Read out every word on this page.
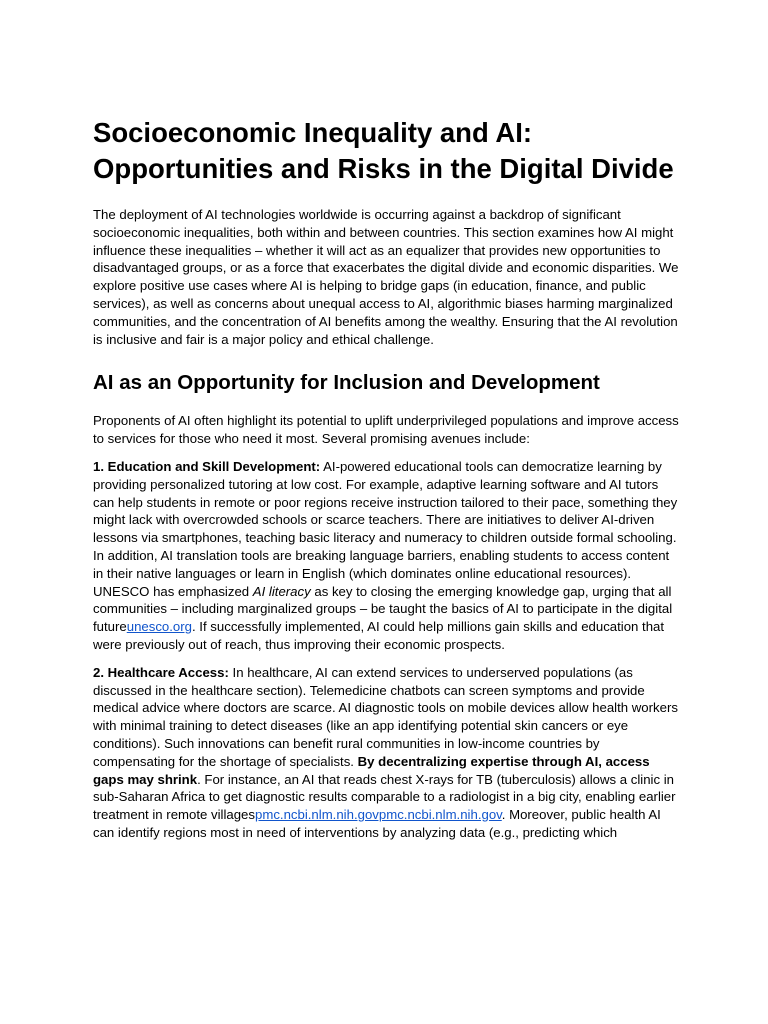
Socioeconomic Inequality and AI: Opportunities and Risks in the Digital Divide

The deployment of AI technologies worldwide is occurring against a backdrop of significant socioeconomic inequalities, both within and between countries. This section examines how AI might influence these inequalities – whether it will act as an equalizer that provides new opportunities to disadvantaged groups, or as a force that exacerbates the digital divide and economic disparities. We explore positive use cases where AI is helping to bridge gaps (in education, finance, and public services), as well as concerns about unequal access to AI, algorithmic biases harming marginalized communities, and the concentration of AI benefits among the wealthy. Ensuring that the AI revolution is inclusive and fair is a major policy and ethical challenge.

AI as an Opportunity for Inclusion and Development

Proponents of AI often highlight its potential to uplift underprivileged populations and improve access to services for those who need it most. Several promising avenues include:

1. Education and Skill Development: AI-powered educational tools can democratize learning by providing personalized tutoring at low cost. For example, adaptive learning software and AI tutors can help students in remote or poor regions receive instruction tailored to their pace, something they might lack with overcrowded schools or scarce teachers. There are initiatives to deliver AI-driven lessons via smartphones, teaching basic literacy and numeracy to children outside formal schooling. In addition, AI translation tools are breaking language barriers, enabling students to access content in their native languages or learn in English (which dominates online educational resources). UNESCO has emphasized AI literacy as key to closing the emerging knowledge gap, urging that all communities – including marginalized groups – be taught the basics of AI to participate in the digital futureunesco.org. If successfully implemented, AI could help millions gain skills and education that were previously out of reach, thus improving their economic prospects.

2. Healthcare Access: In healthcare, AI can extend services to underserved populations (as discussed in the healthcare section). Telemedicine chatbots can screen symptoms and provide medical advice where doctors are scarce. AI diagnostic tools on mobile devices allow health workers with minimal training to detect diseases (like an app identifying potential skin cancers or eye conditions). Such innovations can benefit rural communities in low-income countries by compensating for the shortage of specialists. By decentralizing expertise through AI, access gaps may shrink. For instance, an AI that reads chest X-rays for TB (tuberculosis) allows a clinic in sub-Saharan Africa to get diagnostic results comparable to a radiologist in a big city, enabling earlier treatment in remote villagespmc.ncbi.nlm.nih.govpmc.ncbi.nlm.nih.gov. Moreover, public health AI can identify regions most in need of interventions by analyzing data (e.g., predicting which
